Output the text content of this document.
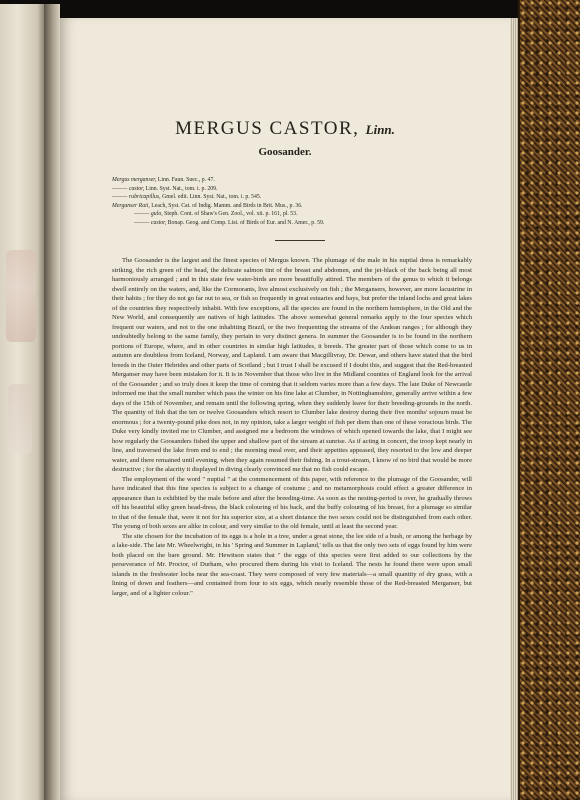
MERGUS CASTOR, Linn.
Goosander.
Mergus merganser, Linn. Faun. Suec., p. 47.
——— castor, Linn. Syst. Nat., tom. i. p. 209.
——— rubricapillus, Gmel. edit. Linn. Syst. Nat., tom. i. p. 545.
Merganser Raii, Leach, Syst. Cat. of Indig. Mamm. and Birds in Brit. Mus., p. 36.
——— gulo, Steph. Cont. of Shaw's Gen. Zool., vol. xii. p. 161, pl. 53.
——— castor, Bonap. Geog. and Comp. List. of Birds of Eur. and N. Amer., p. 59.

The Goosander is the largest and the finest species of Mergus known. The plumage of the male in his nuptial dress is remarkably striking, the rich green of the head, the delicate salmon tint of the breast and abdomen, and the jet-black of the back being all most harmoniously arranged ; and in this state few water-birds are more beautifully attired. The members of the genus to which it belongs dwell entirely on the waters, and, like the Cormorants, live almost exclusively on fish ; the Mergansers, however, are more lacustrine in their habits ; for they do not go far out to sea, or fish so frequently in great estuaries and bays, but prefer the inland lochs and great lakes of the countries they respectively inhabit. With few exceptions, all the species are found in the northern hemisphere, in the Old and the New World, and consequently are natives of high latitudes. The above somewhat general remarks apply to the four species which frequent our waters, and not to the one inhabiting Brazil, or the two frequenting the streams of the Andean ranges ; for although they undoubtedly belong to the same family, they pertain to very distinct genera. In summer the Goosander is to be found in the northern portions of Europe, where, and in other countries in similar high latitudes, it breeds. The greater part of those which come to us in autumn are doubtless from Iceland, Norway, and Lapland. I am aware that Macgillivray, Dr. Dewar, and others have stated that the bird breeds in the Outer Hebrides and other parts of Scotland ; but I trust I shall be excused if I doubt this, and suggest that the Red-breasted Merganser may have been mistaken for it. It is in November that those who live in the Midland counties of England look for the arrival of the Goosander ; and so truly does it keep the time of coming that it seldom varies more than a few days. The late Duke of Newcastle informed me that the small number which pass the winter on his fine lake at Clumber, in Nottinghamshire, generally arrive within a few days of the 15th of November, and remain until the following spring, when they suddenly leave for their breeding-grounds in the north. The quantity of fish that the ten or twelve Goosanders which resort to Clumber lake destroy during their five months' sojourn must be enormous ; for a twenty-pound pike does not, in my opinion, take a larger weight of fish per diem than one of these voracious birds. The Duke very kindly invited me to Clumber, and assigned me a bedroom the windows of which opened towards the lake, that I might see how regularly the Goosanders fished the upper and shallow part of the stream at sunrise. As if acting in concert, the troop kept nearly in line, and traversed the lake from end to end ; the morning meal over, and their appetites appeased, they resorted to the low and deeper water, and there remained until evening, when they again resumed their fishing. In a trout-stream, I know of no bird that would be more destructive ; for the alacrity it displayed in diving clearly convinced me that no fish could escape.

The employment of the word " nuptial " at the commencement of this paper, with reference to the plumage of the Goosander, will have indicated that this fine species is subject to a change of costume ; and no metamorphosis could effect a greater difference in appearance than is exhibited by the male before and after the breeding-time. As soon as the nesting-period is over, he gradually throws off his beautiful silky green head-dress, the black colouring of his back, and the buffy colouring of his breast, for a plumage so similar to that of the female that, were it not for his superior size, at a short distance the two sexes could not be distinguished from each other. The young of both sexes are alike in colour, and very similar to the old female, until at least the second year.

The site chosen for the incubation of its eggs is a hole in a tree, under a great stone, the lee side of a bush, or among the herbage by a lake-side. The late Mr. Wheelwright, in his ' Spring and Summer in Lapland,' tells us that the only two sets of eggs found by him were both placed on the bare ground. Mr. Hewitson states that " the eggs of this species were first added to our collections by the perseverance of Mr. Proctor, of Durham, who procured them during his visit to Iceland. The nests he found there were upon small islands in the freshwater lochs near the sea-coast. They were composed of very few materials—a small quantity of dry grass, with a lining of down and feathers—and contained from four to six eggs, which nearly resemble those of the Red-breasted Merganser, but larger, and of a lighter colour."
